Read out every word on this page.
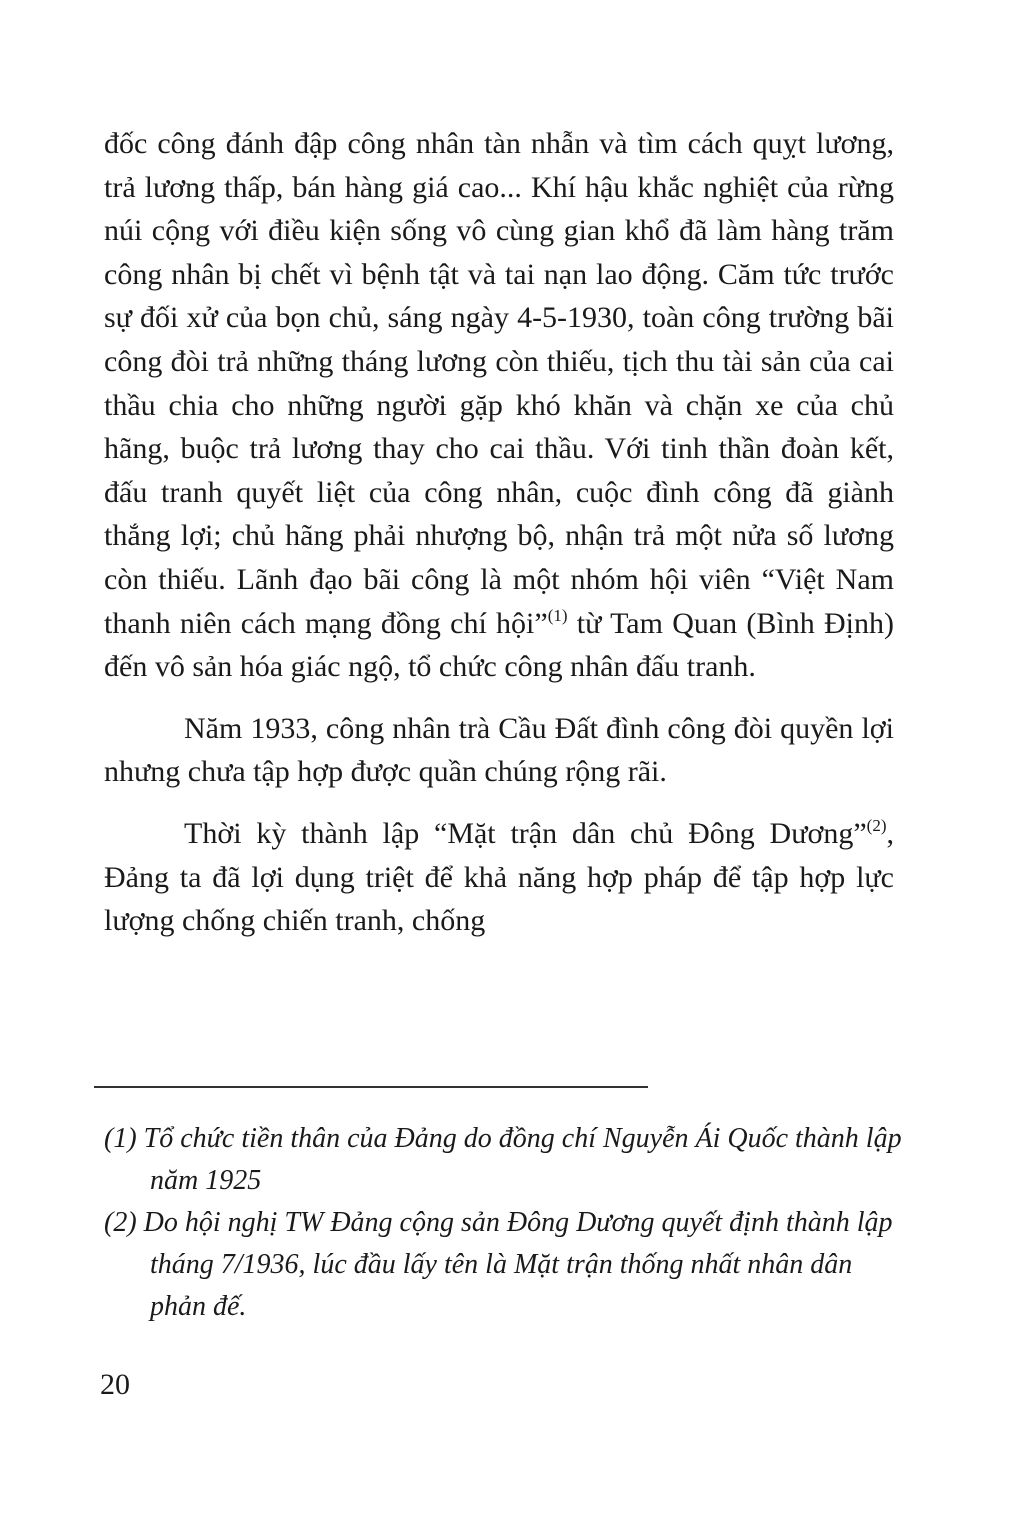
đốc công đánh đập công nhân tàn nhẫn và tìm cách quỵt lương, trả lương thấp, bán hàng giá cao... Khí hậu khắc nghiệt của rừng núi cộng với điều kiện sống vô cùng gian khổ đã làm hàng trăm công nhân bị chết vì bệnh tật và tai nạn lao động. Căm tức trước sự đối xử của bọn chủ, sáng ngày 4-5-1930, toàn công trường bãi công đòi trả những tháng lương còn thiếu, tịch thu tài sản của cai thầu chia cho những người gặp khó khăn và chặn xe của chủ hãng, buộc trả lương thay cho cai thầu. Với tinh thần đoàn kết, đấu tranh quyết liệt của công nhân, cuộc đình công đã giành thắng lợi; chủ hãng phải nhượng bộ, nhận trả một nửa số lương còn thiếu. Lãnh đạo bãi công là một nhóm hội viên “Việt Nam thanh niên cách mạng đồng chí hội”$^{(1)}$ từ Tam Quan (Bình Định) đến vô sản hóa giác ngộ, tổ chức công nhân đấu tranh.

Năm 1933, công nhân trà Cầu Đất đình công đòi quyền lợi nhưng chưa tập hợp được quần chúng rộng rãi.

Thời kỳ thành lập “Mặt trận dân chủ Đông Dương”$^{(2)}$, Đảng ta đã lợi dụng triệt để khả năng hợp pháp để tập hợp lực lượng chống chiến tranh, chống

(1) Tổ chức tiền thân của Đảng do đồng chí Nguyễn Ái Quốc thành lập năm 1925

(2) Do hội nghị TW Đảng cộng sản Đông Dương quyết định thành lập tháng 7/1936, lúc đầu lấy tên là Mặt trận thống nhất nhân dân phản đế.

20
